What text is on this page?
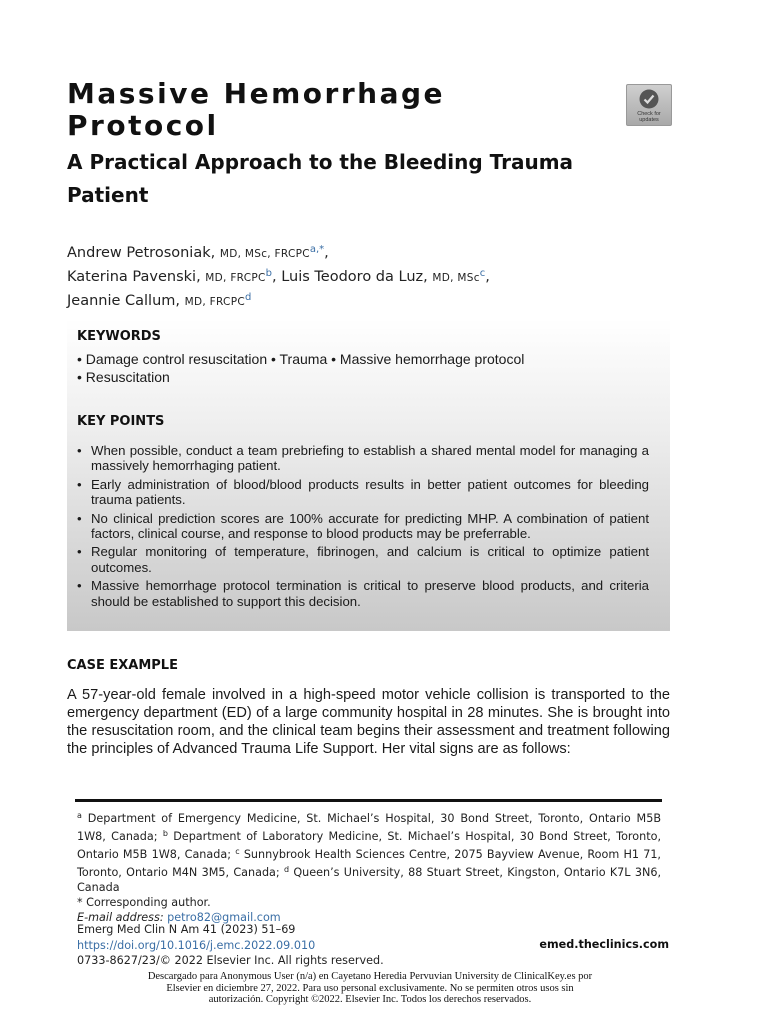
Massive Hemorrhage Protocol	Check for
updates
A Practical Approach to the Bleeding Trauma Patient
Andrew Petrosoniak, MD, MSc, FRCPC$^{a,*}$,
Katerina Pavenski, MD, FRCPC$^b$, Luis Teodoro da Luz, MD, MSc$^c$,
Jeannie Callum, MD, FRCPC$^d$
KEYWORDS
• Damage control resuscitation • Trauma • Massive hemorrhage protocol
• Resuscitation
KEY POINTS
• When possible, conduct a team prebriefing to establish a shared mental model for managing a massively hemorrhaging patient.
• Early administration of blood/blood products results in better patient outcomes for bleeding trauma patients.
• No clinical prediction scores are 100% accurate for predicting MHP. A combination of patient factors, clinical course, and response to blood products may be preferrable.
• Regular monitoring of temperature, fibrinogen, and calcium is critical to optimize patient outcomes.
• Massive hemorrhage protocol termination is critical to preserve blood products, and criteria should be established to support this decision.
CASE EXAMPLE
A 57-year-old female involved in a high-speed motor vehicle collision is transported to the emergency department (ED) of a large community hospital in 28 minutes. She is brought into the resuscitation room, and the clinical team begins their assessment and treatment following the principles of Advanced Trauma Life Support. Her vital signs are as follows:
$^a$ Department of Emergency Medicine, St. Michael’s Hospital, 30 Bond Street, Toronto, Ontario M5B 1W8, Canada; $^b$ Department of Laboratory Medicine, St. Michael’s Hospital, 30 Bond Street, Toronto, Ontario M5B 1W8, Canada; $^c$ Sunnybrook Health Sciences Centre, 2075 Bayview Avenue, Room H1 71, Toronto, Ontario M4N 3M5, Canada; $^d$ Queen’s University, 88 Stuart Street, Kingston, Ontario K7L 3N6, Canada
* Corresponding author.
E-mail address: petro82@gmail.com
Emerg Med Clin N Am 41 (2023) 51–69
https://doi.org/10.1016/j.emc.2022.09.010
0733-8627/23/© 2022 Elsevier Inc. All rights reserved.
emed.theclinics.com
Descargado para Anonymous User (n/a) en Cayetano Heredia Pervuvian University de ClinicalKey.es por Elsevier en diciembre 27, 2022. Para uso personal exclusivamente. No se permiten otros usos sin autorización. Copyright ©2022. Elsevier Inc. Todos los derechos reservados.
